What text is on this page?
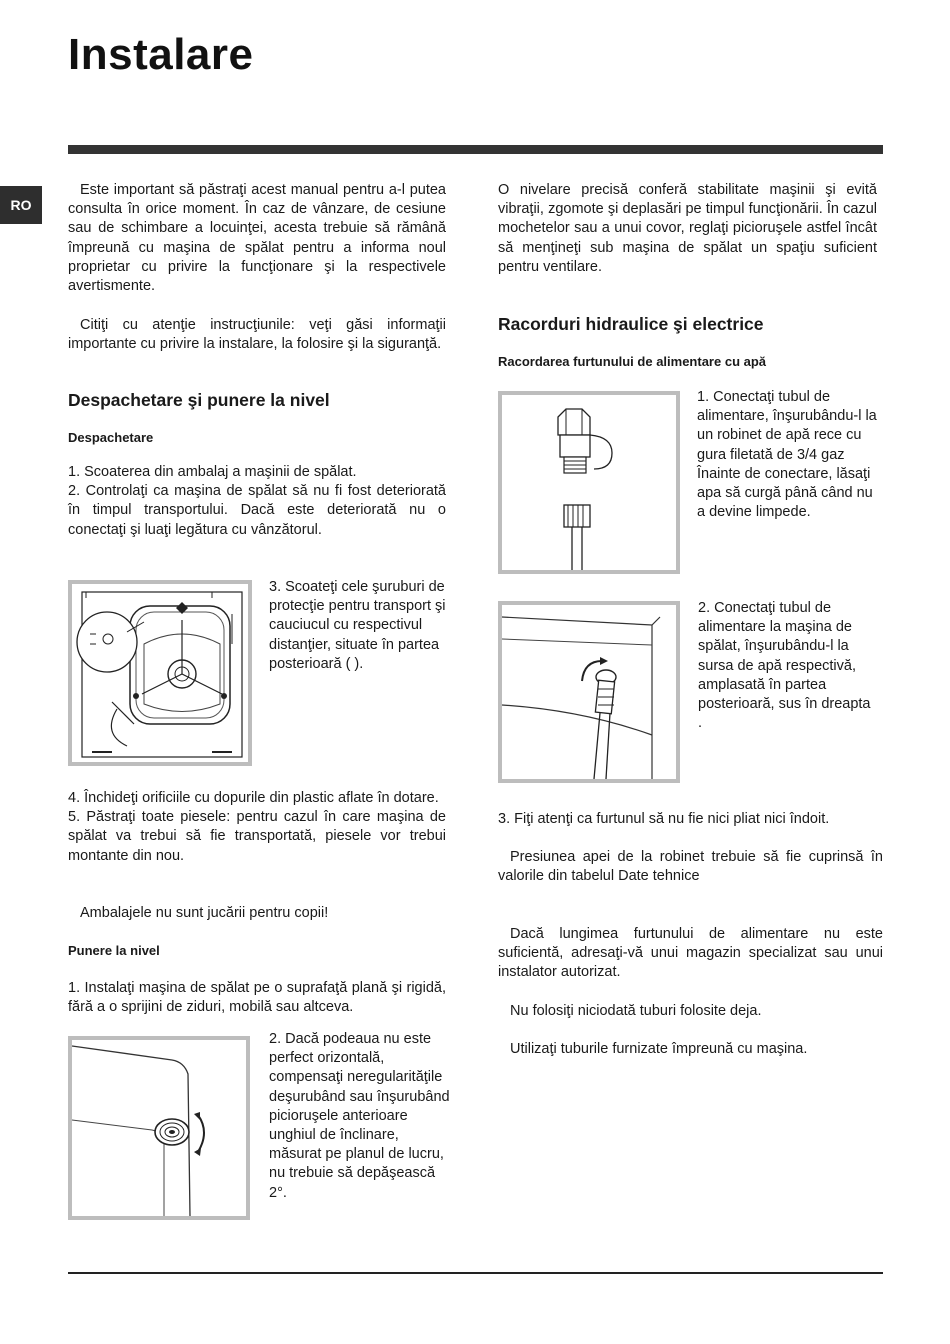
Instalare
RO
Este important să păstraţi acest manual pentru a-l putea consulta în orice moment. În caz de vânzare, de cesiune sau de schimbare a locuinţei, acesta trebuie să rămână împreună cu maşina de spălat pentru a informa noul proprietar cu privire la funcţionare şi la respectivele avertismente.
Citiţi cu atenţie instrucţiunile: veţi găsi informaţii importante cu privire la instalare, la folosire şi la siguranţă.
Despachetare şi punere la nivel
Despachetare
1. Scoaterea din ambalaj a maşinii de spălat.
2. Controlaţi ca maşina de spălat să nu fi fost deteriorată în timpul transportului. Dacă este deteriorată nu o conectaţi şi luaţi legătura cu vânzătorul.
3. Scoateţi cele şuruburi de protecţie pentru transport şi cauciucul cu respectivul distanţier, situate în partea posterioară ( ).
4. Închideţi orificiile cu dopurile din plastic aflate în dotare.
5. Păstraţi toate piesele: pentru cazul în care maşina de spălat va trebui să fie transportată, piesele vor trebui montante din nou.
Ambalajele nu sunt jucării pentru copii!
Punere la nivel
1. Instalaţi maşina de spălat pe o suprafaţă plană şi rigidă, fără a o sprijini de ziduri, mobilă sau altceva.
2. Dacă podeaua nu este perfect orizontală, compensaţi neregularităţile deşurubând sau înşurubând picioruşele anterioare
unghiul de înclinare, măsurat pe planul de lucru, nu trebuie să depăşească 2°.
O nivelare precisă conferă stabilitate maşinii şi evită vibraţii, zgomote şi deplasări pe timpul funcţionării. În cazul mochetelor sau a unui covor, reglaţi picioruşele astfel încât să menţineţi sub maşina de spălat un spaţiu suficient pentru ventilare.
Racorduri hidraulice şi electrice
Racordarea furtunului de alimentare cu apă
1. Conectaţi tubul de alimentare, înşurubându-l la un robinet de apă rece cu gura filetată de 3/4 gaz
Înainte de conectare, lăsaţi apa să curgă până când nu a devine limpede.
2. Conectaţi tubul de alimentare la maşina de spălat, înşurubându-l la sursa de apă respectivă, amplasată în partea posterioară, sus în dreapta
.
3. Fiţi atenţi ca furtunul să nu fie nici pliat nici îndoit.
Presiunea apei de la robinet trebuie să fie cuprinsă în valorile din tabelul Date tehnice
Dacă lungimea furtunului de alimentare nu este suficientă, adresaţi-vă unui magazin specializat sau unui instalator autorizat.
Nu folosiţi niciodată tuburi folosite deja.
Utilizaţi tuburile furnizate împreună cu maşina.
